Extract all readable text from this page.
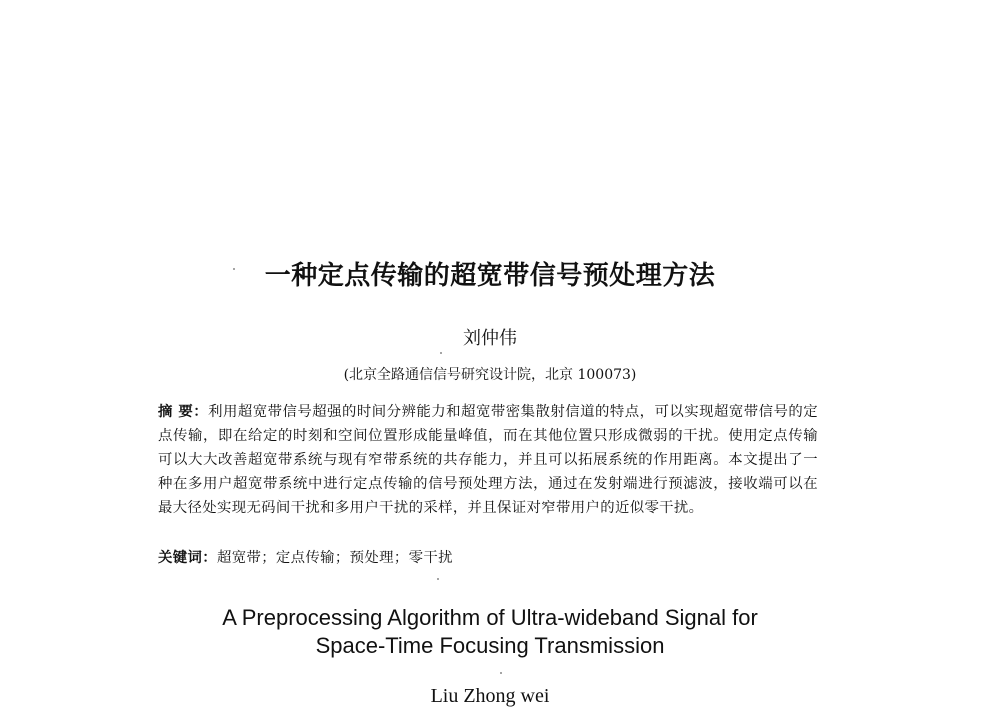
一种定点传输的超宽带信号预处理方法
刘仲伟
(北京全路通信信号研究设计院，北京 100073)

摘 要：利用超宽带信号超强的时间分辨能力和超宽带密集散射信道的特点，可以实现超宽带信号的定点传输，即在给定的时刻和空间位置形成能量峰值，而在其他位置只形成微弱的干扰。使用定点传输可以大大改善超宽带系统与现有窄带系统的共存能力，并且可以拓展系统的作用距离。本文提出了一种在多用户超宽带系统中进行定点传输的信号预处理方法，通过在发射端进行预滤波，接收端可以在最大径处实现无码间干扰和多用户干扰的采样，并且保证对窄带用户的近似零干扰。

关键词：超宽带；定点传输；预处理；零干扰
A Preprocessing Algorithm of Ultra-wideband Signal for
Space-Time Focusing Transmission
Liu Zhong wei
